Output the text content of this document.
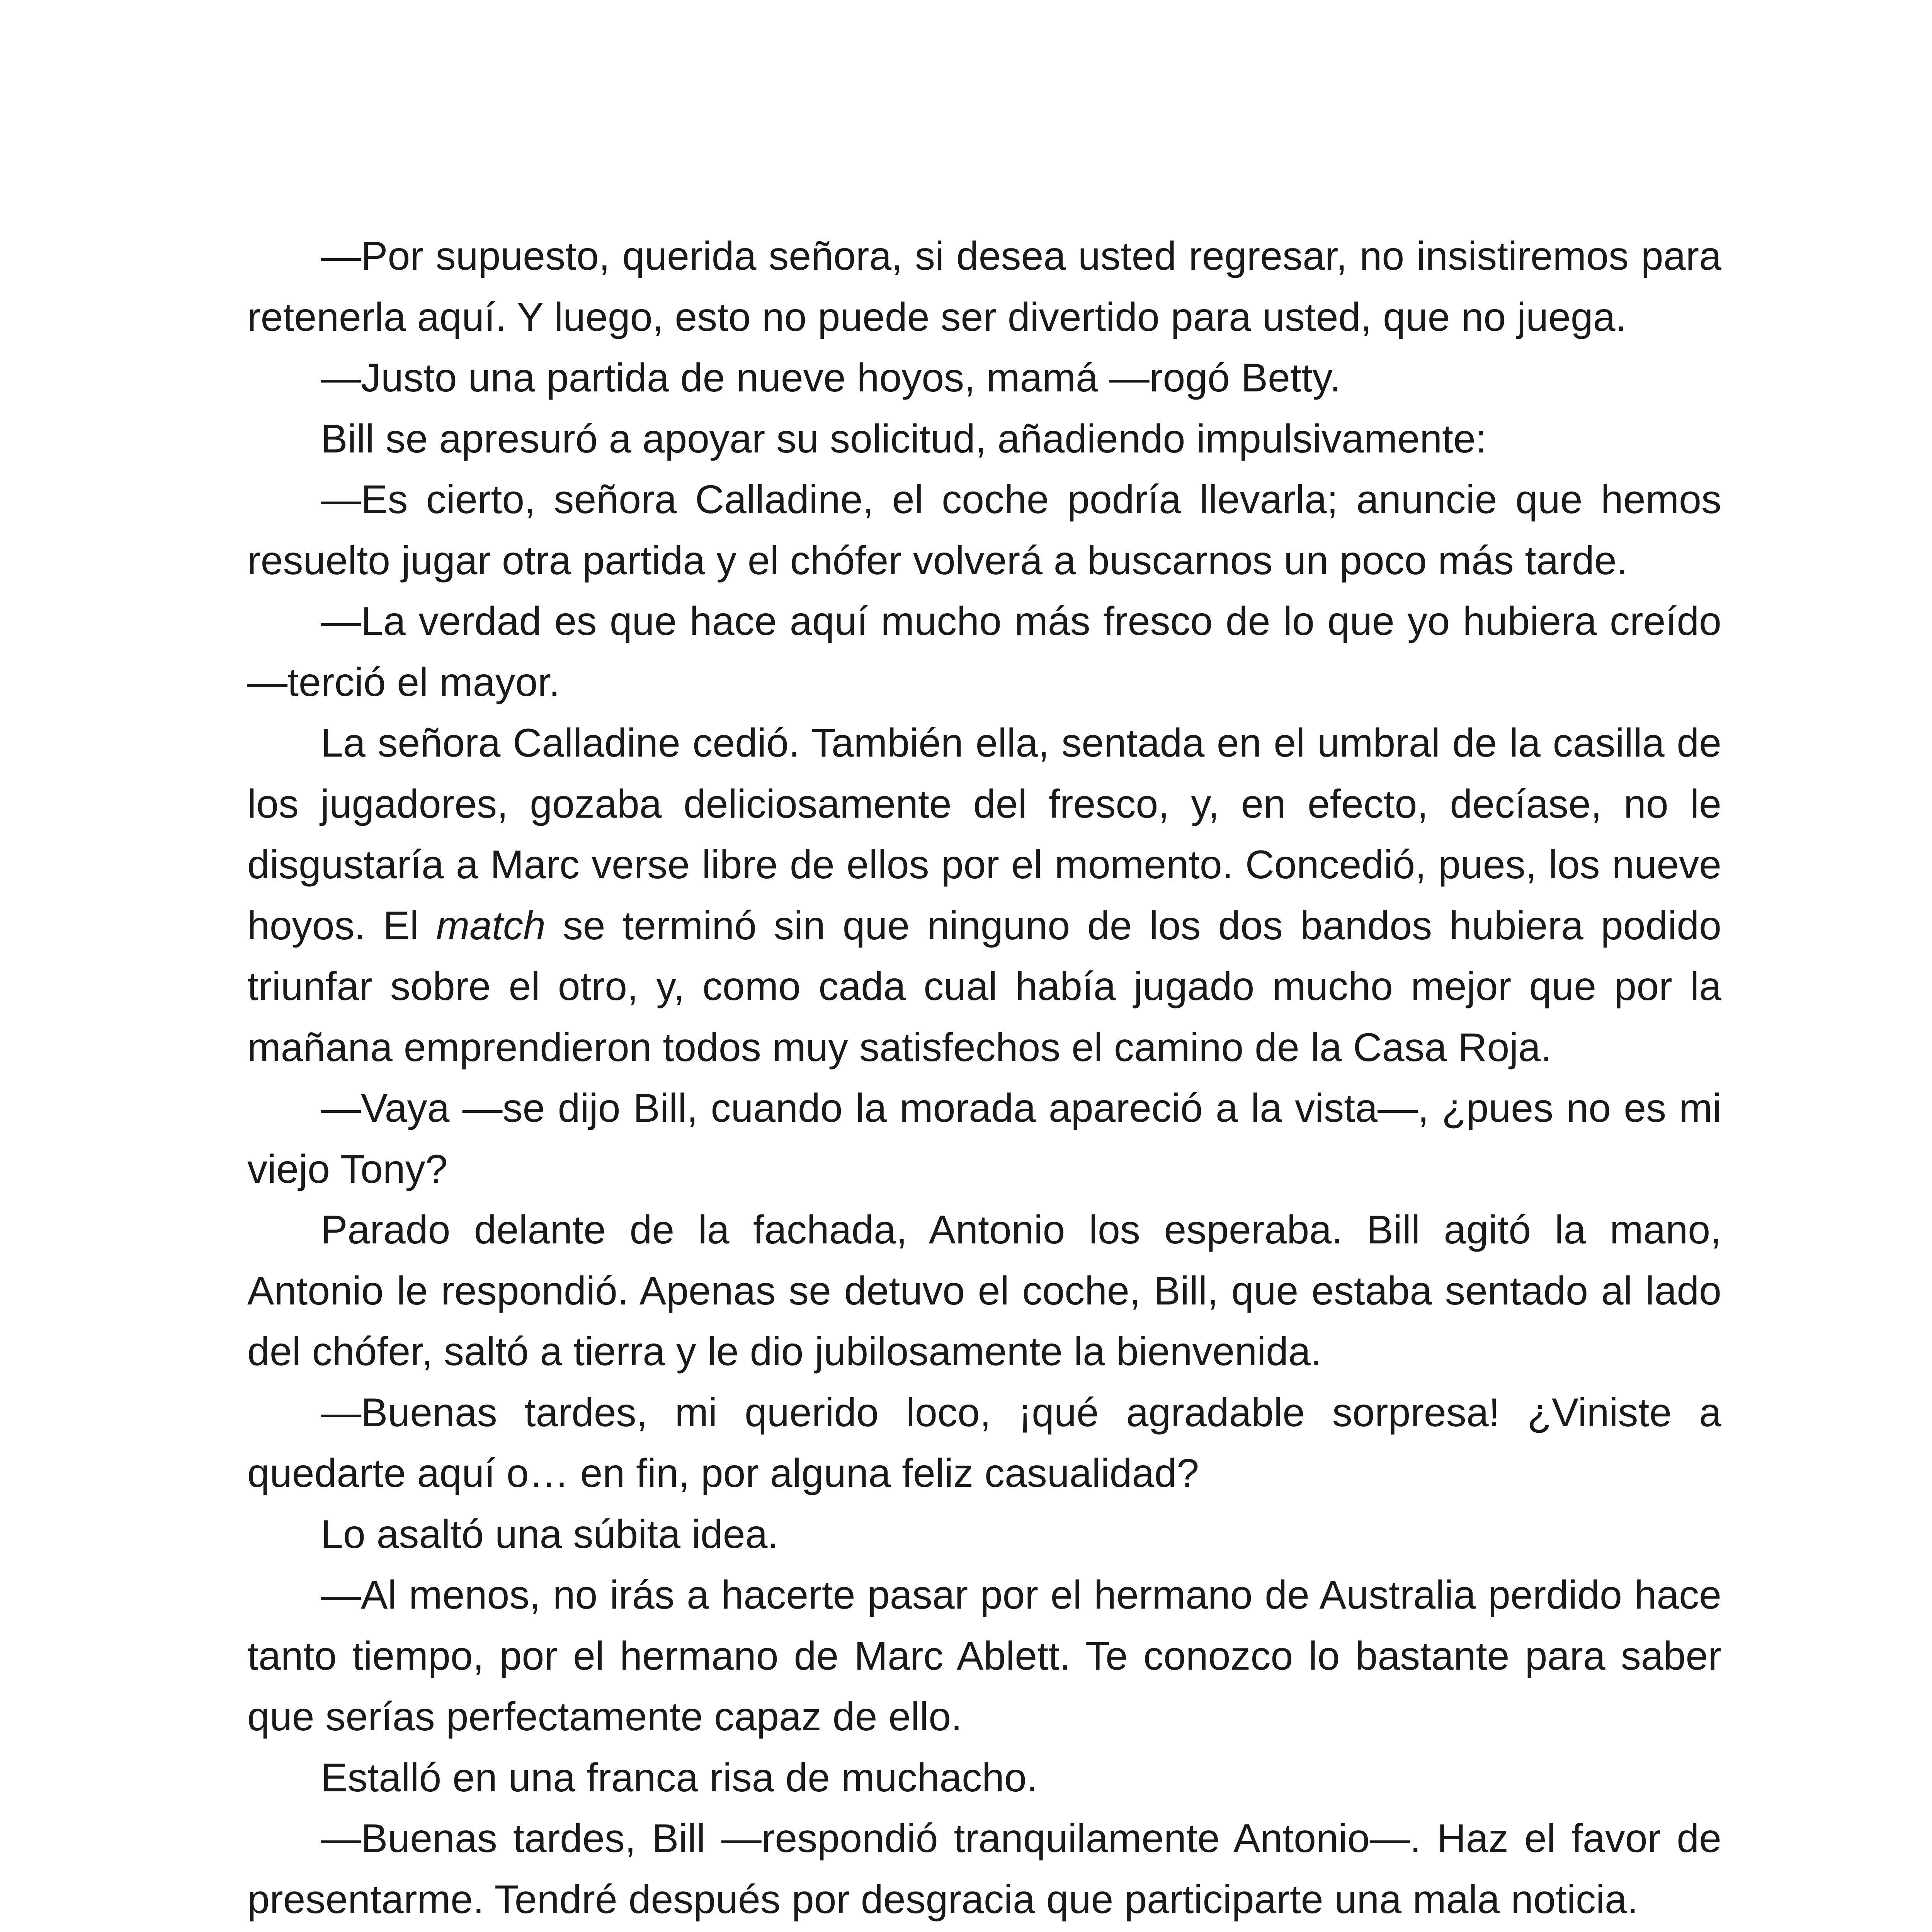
—Por supuesto, querida señora, si desea usted regresar, no insistiremos para retenerla aquí. Y luego, esto no puede ser divertido para usted, que no juega.

—Justo una partida de nueve hoyos, mamá —rogó Betty.

Bill se apresuró a apoyar su solicitud, añadiendo impulsivamente:

—Es cierto, señora Calladine, el coche podría llevarla; anuncie que hemos resuelto jugar otra partida y el chófer volverá a buscarnos un poco más tarde.

—La verdad es que hace aquí mucho más fresco de lo que yo hubiera creído —terció el mayor.

La señora Calladine cedió. También ella, sentada en el umbral de la casilla de los jugadores, gozaba deliciosamente del fresco, y, en efecto, decíase, no le disgustaría a Marc verse libre de ellos por el momento. Concedió, pues, los nueve hoyos. El match se terminó sin que ninguno de los dos bandos hubiera podido triunfar sobre el otro, y, como cada cual había jugado mucho mejor que por la mañana emprendieron todos muy satisfechos el camino de la Casa Roja.

—Vaya —se dijo Bill, cuando la morada apareció a la vista—, ¿pues no es mi viejo Tony?

Parado delante de la fachada, Antonio los esperaba. Bill agitó la mano, Antonio le respondió. Apenas se detuvo el coche, Bill, que estaba sentado al lado del chófer, saltó a tierra y le dio jubilosamente la bienvenida.

—Buenas tardes, mi querido loco, ¡qué agradable sorpresa! ¿Viniste a quedarte aquí o… en fin, por alguna feliz casualidad?

Lo asaltó una súbita idea.

—Al menos, no irás a hacerte pasar por el hermano de Australia perdido hace tanto tiempo, por el hermano de Marc Ablett. Te conozco lo bastante para saber que serías perfectamente capaz de ello.

Estalló en una franca risa de muchacho.

—Buenas tardes, Bill —respondió tranquilamente Antonio—. Haz el favor de presentarme. Tendré después por desgracia que participarte una mala noticia.
